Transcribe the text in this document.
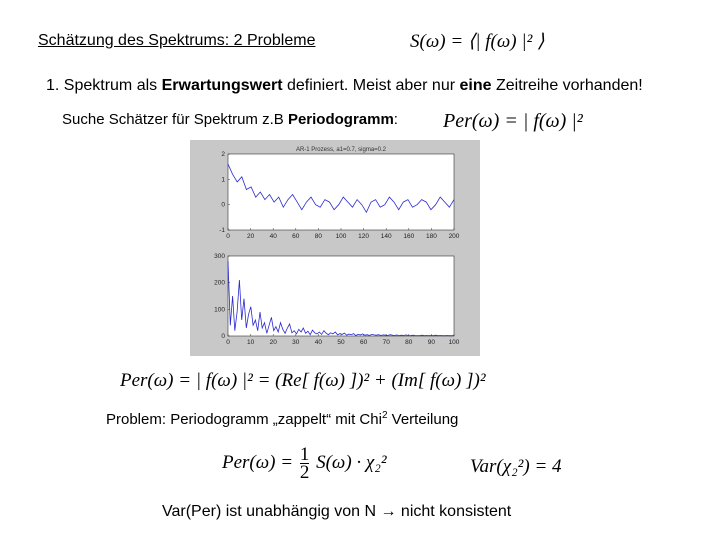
Schätzung des Spektrums: 2 Probleme	S(ω) = ⟨| f(ω) |² ⟩
1. Spektrum als Erwartungswert definiert. Meist aber nur eine Zeitreihe vorhanden!
Suche Schätzer für Spektrum z.B Periodogramm: Per(ω) = | f(ω) |²
AR-1 Prozess, a1=0.7, sigma=0.2
0	20 40 60 80 100 120 140 160 180 200
2
1
0
-1
0	10 20 30 40 50 60 70 80 90 100
300
200
100
0
Per(ω) = | f(ω) |² = (Re[ f(ω) ])² + (Im[ f(ω) ])²
Problem: Periodogramm „zappelt“ mit Chi$^2$ Verteilung
$Per(\omega) = \frac{1}{2} S(\omega) \cdot \chi_2^2$	Var(χ₂²) = 4
Var(Per) ist unabhängig von N → nicht konsistent
